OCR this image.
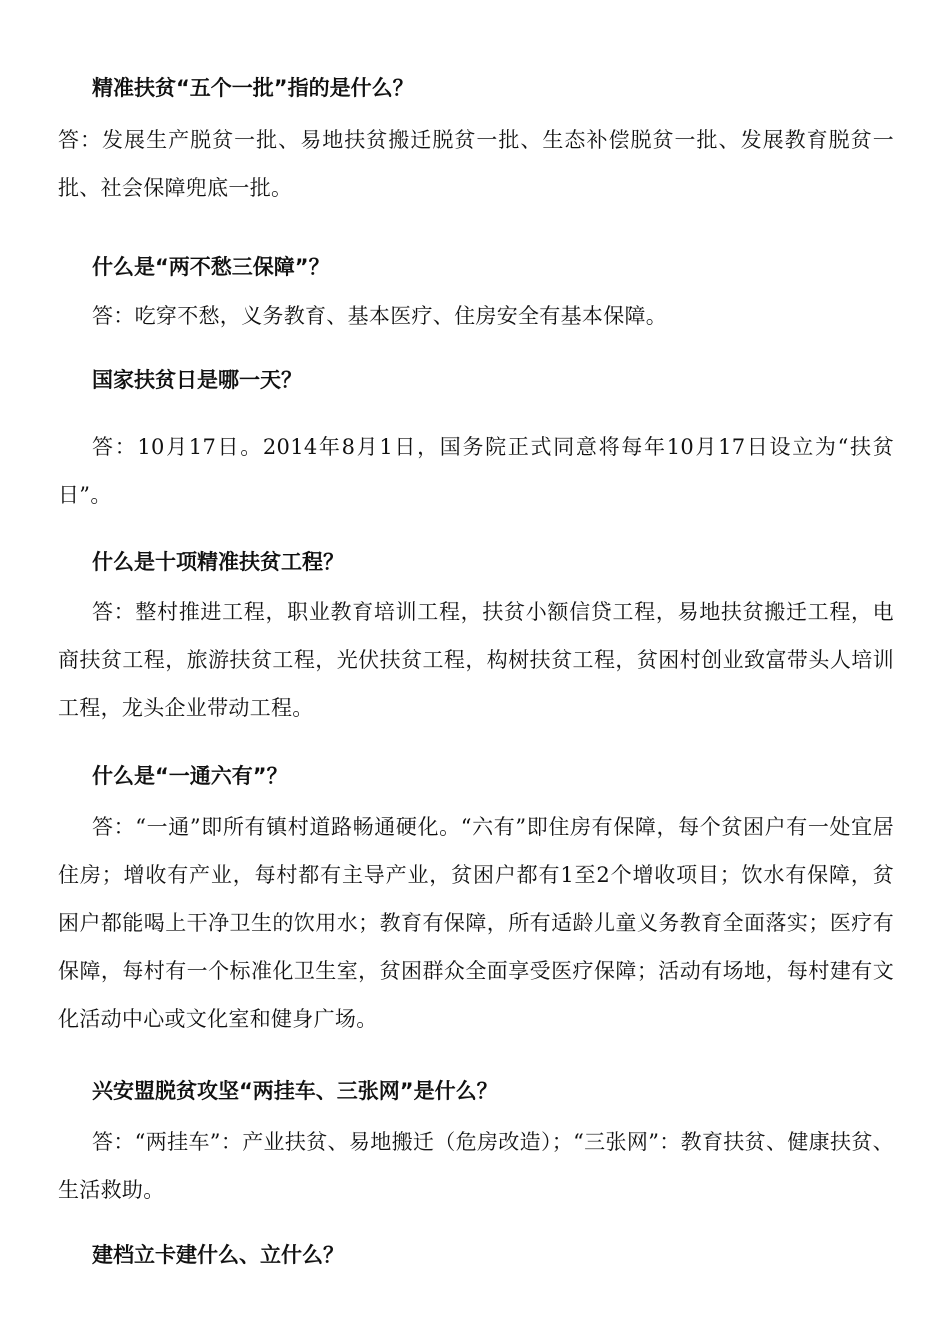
精准扶贫“五个一批”指的是什么？

答：发展生产脱贫一批、易地扶贫搬迁脱贫一批、生态补偿脱贫一批、发展教育脱贫一批、社会保障兜底一批。

什么是“两不愁三保障”？

答：吃穿不愁，义务教育、基本医疗、住房安全有基本保障。

国家扶贫日是哪一天？

答：10月17日。2014年8月1日，国务院正式同意将每年10月17日设立为“扶贫日”。

什么是十项精准扶贫工程？

答：整村推进工程，职业教育培训工程，扶贫小额信贷工程，易地扶贫搬迁工程，电商扶贫工程，旅游扶贫工程，光伏扶贫工程，构树扶贫工程，贫困村创业致富带头人培训工程，龙头企业带动工程。

什么是“一通六有”？

答：“一通”即所有镇村道路畅通硬化。“六有”即住房有保障，每个贫困户有一处宜居住房；增收有产业，每村都有主导产业，贫困户都有1至2个增收项目；饮水有保障，贫困户都能喝上干净卫生的饮用水；教育有保障，所有适龄儿童义务教育全面落实；医疗有保障，每村有一个标准化卫生室，贫困群众全面享受医疗保障；活动有场地，每村建有文化活动中心或文化室和健身广场。

兴安盟脱贫攻坚“两挂车、三张网”是什么？

答：“两挂车”：产业扶贫、易地搬迁（危房改造）；“三张网”：教育扶贫、健康扶贫、生活救助。

建档立卡建什么、立什么？
